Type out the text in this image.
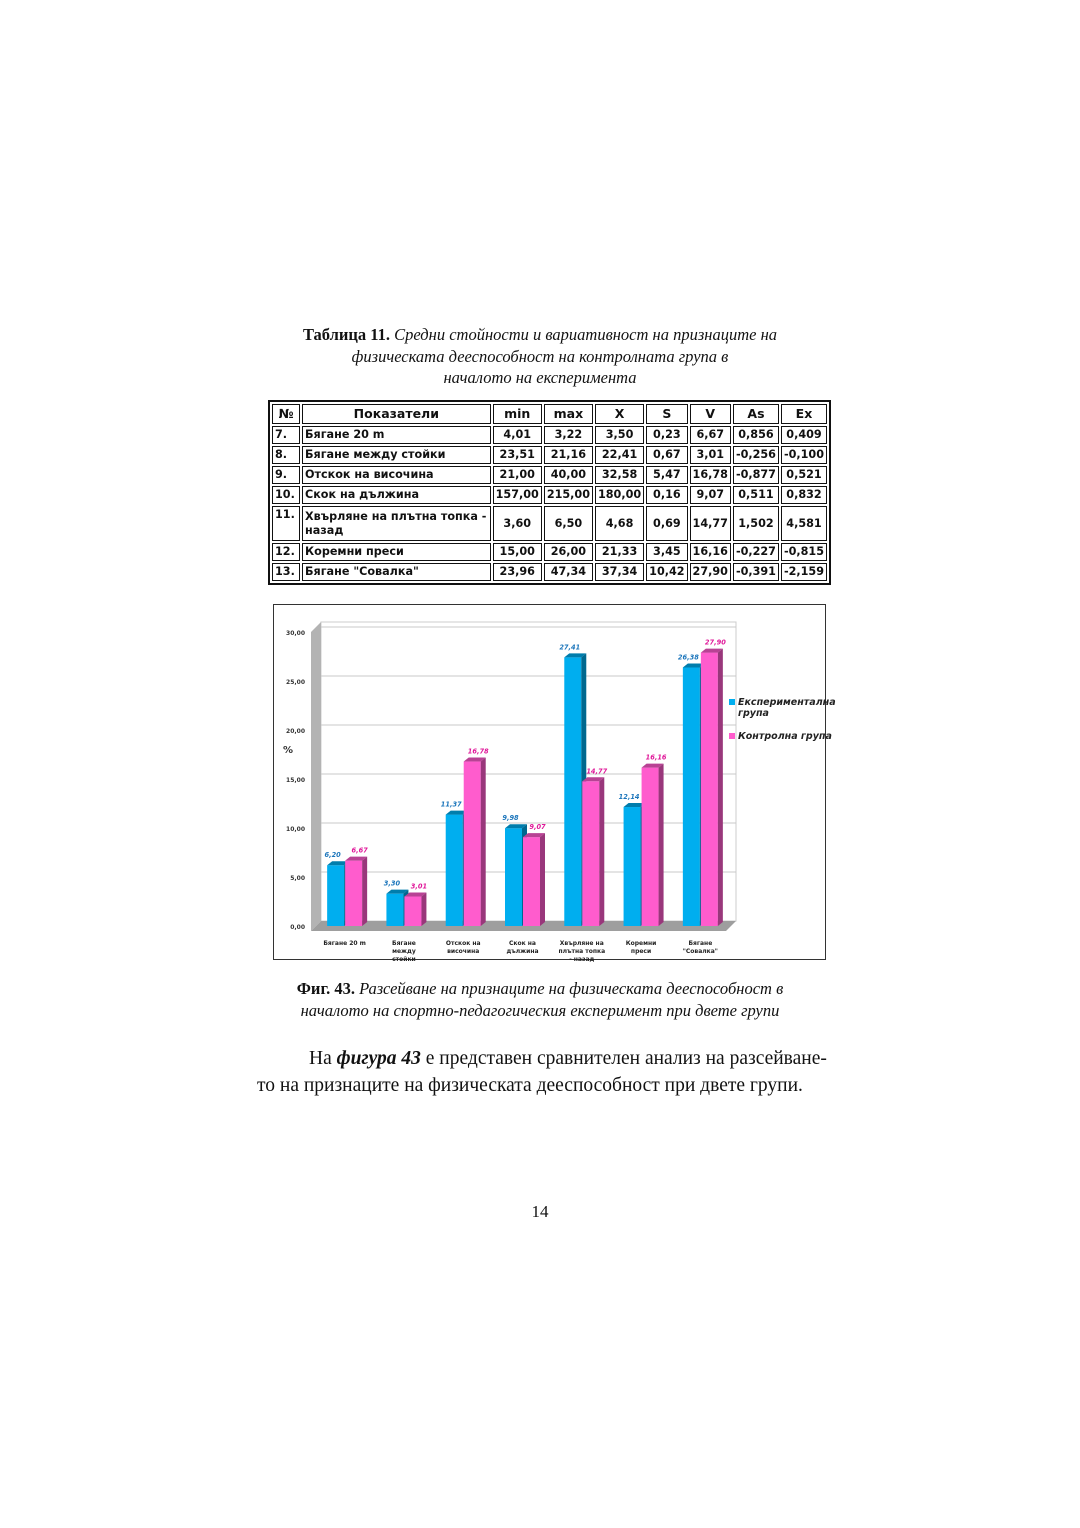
Таблица 11. Средни стойности и вариативност на признаците на
физическата дееспособност на контролната група в
началото на експеримента
№	Показатели	min	max	X	S	V	As	Ex
7.	Бягане 20 m	4,01	3,22	3,50	0,23	6,67	0,856	0,409
8.	Бягане между стойки	23,51	21,16	22,41	0,67	3,01	-0,256	-0,100
9.	Отскок на височина	21,00	40,00	32,58	5,47	16,78	-0,877	0,521
10.	Скок на дължина	157,00	215,00	180,00	0,16	9,07	0,511	0,832
11.	Хвърляне на плътна топка - назад	3,60	6,50	4,68	0,69	14,77	1,502	4,581
12.	Коремни преси	15,00	26,00	21,33	3,45	16,16	-0,227	-0,815
13.	Бягане "Совалка"	23,96	47,34	37,34	10,42	27,90	-0,391	-2,159
0,00
5,00
10,00
15,00
20,00
25,00
30,00
%
6,20
6,67
Бягане 20 m
3,30 3,01
Бягане
между
стойки
11,37
16,78
Отскок на
височина
9,98
9,07
Скок на
дължина
27,41
14,77
Хвърляне на
плътна топка
- назад
12,14
16,16
Коремни
преси
26,38
27,90
Бягане
"Совалка"
Експериментална
група
Контролна група
Фиг. 43. Разсейване на признаците на физическата дееспособност в
началото на спортно-педагогическия експеримент при двете групи
На фигура 43 е представен сравнителен анализ на разсейване-
то на признаците на физическата дееспособност при двете групи.
14
